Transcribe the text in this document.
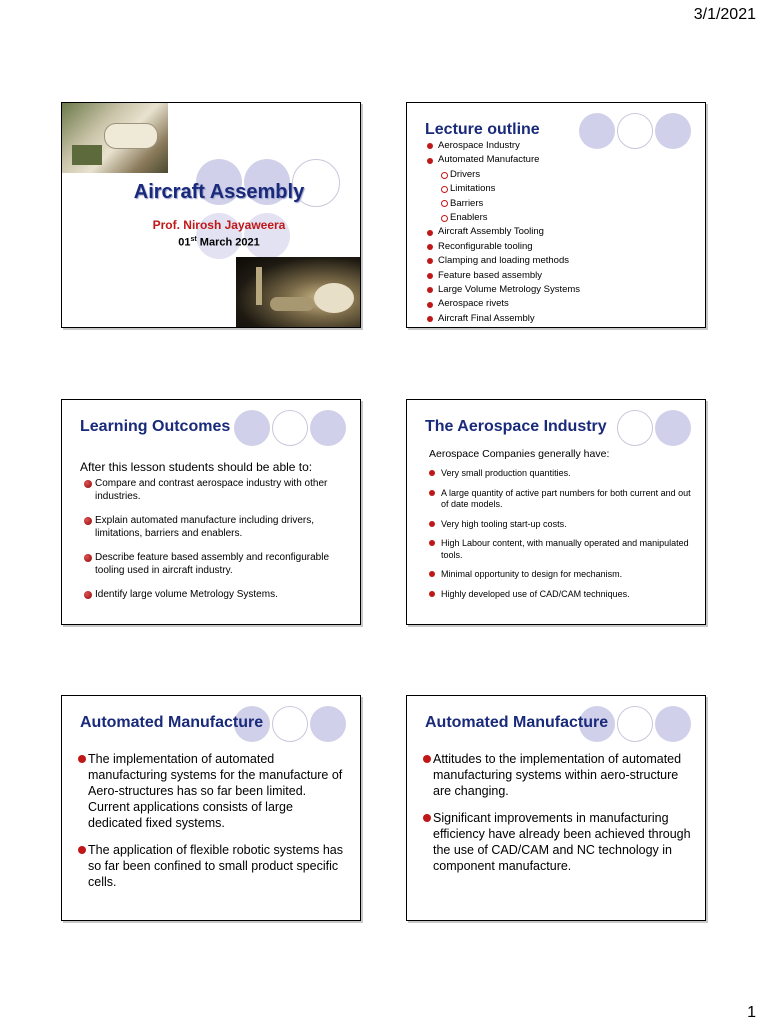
3/1/2021
Aircraft Assembly
Prof. Nirosh Jayaweera
01st March 2021
Lecture outline
Aerospace Industry
Automated Manufacture
Drivers
Limitations
Barriers
Enablers
Aircraft Assembly Tooling
Reconfigurable tooling
Clamping and loading methods
Feature based assembly
Large Volume Metrology Systems
Aerospace rivets
Aircraft Final Assembly
Learning Outcomes
After this lesson students should be able to:
Compare and contrast aerospace industry with other industries.
Explain automated manufacture including drivers, limitations, barriers and enablers.
Describe feature based assembly and reconfigurable tooling used in aircraft industry.
Identify large volume Metrology Systems.
The Aerospace Industry
Aerospace Companies generally have:
Very small production quantities.
A large quantity of active part numbers for both current and out of date models.
Very high tooling start-up costs.
High Labour content, with manually operated and manipulated tools.
Minimal opportunity to design for mechanism.
Highly developed use of CAD/CAM techniques.
Automated Manufacture
The implementation of automated manufacturing systems for the manufacture of Aero-structures has so far been limited. Current applications consists of large dedicated fixed systems.
The application of flexible robotic systems has so far been confined to small product specific cells.
Automated Manufacture
Attitudes to the implementation of automated manufacturing systems within aero-structure are changing.
Significant improvements in manufacturing efficiency have already been achieved through the use of CAD/CAM and NC technology in component manufacture.
1
